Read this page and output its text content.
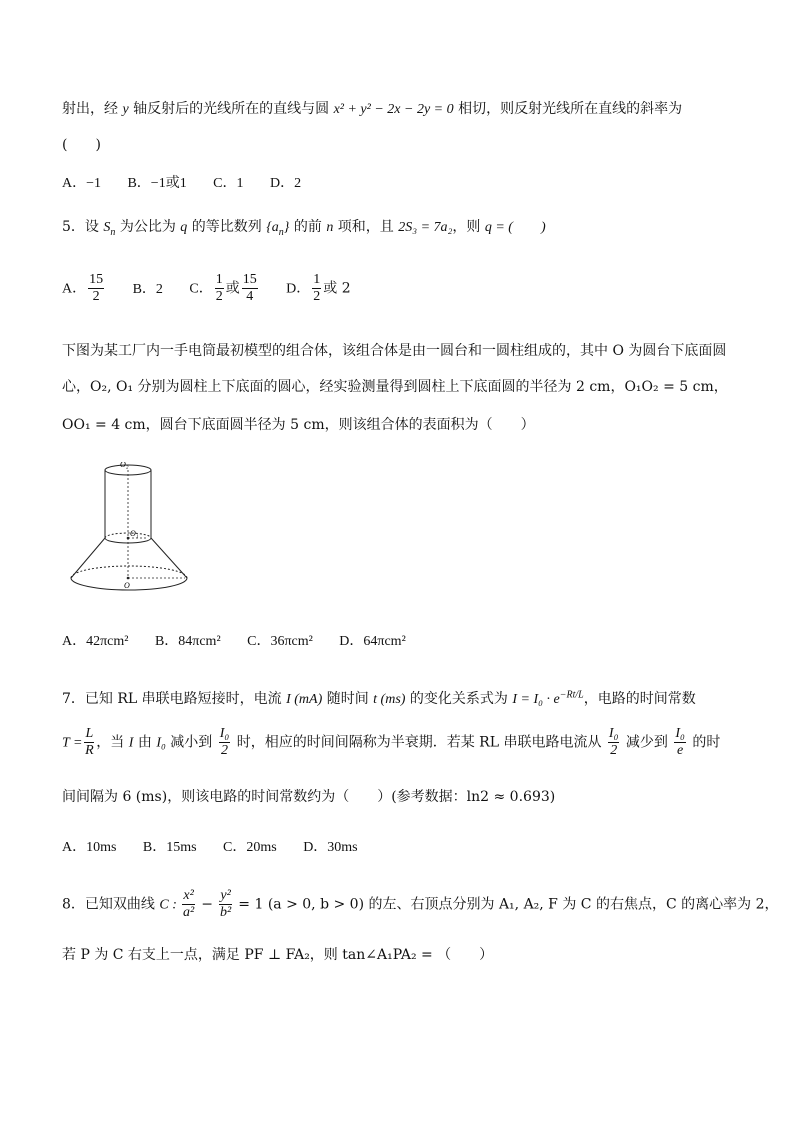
射出，经 y 轴反射后的光线所在的直线与圆 x² + y² − 2x − 2y = 0 相切，则反射光线所在直线的斜率为
(　　)
A．−1 B．−1或1 C．1 D．2
5．设 $S_n$ 为公比为 q 的等比数列 $\{a_n\}$ 的前 n 项和，且 2S₃ = 7a₂，则 q = (　　)
A． $\frac{15}{2}$ B．2 C． $\frac{1}{2}$ 或 $\frac{15}{4}$ D． $\frac{1}{2}$ 或 2
下图为某工厂内一手电筒最初模型的组合体，该组合体是由一圆台和一圆柱组成的，其中 O 为圆台下底面圆
心，O₂, O₁ 分别为圆柱上下底面的圆心，经实验测量得到圆柱上下底面圆的半径为 2 cm，O₁O₂ = 5 cm，
OO₁ = 4 cm，圆台下底面圆半径为 5 cm，则该组合体的表面积为（　　）
O₂
O₁
O
A．42πcm² B．84πcm² C．36πcm² D．64πcm²
7．已知 RL 串联电路短接时，电流 I (mA) 随时间 t (ms) 的变化关系式为 $I = I_0 \cdot e^{-Rt/L}$，电路的时间常数
$T = \frac{L}{R}$ ，当 I 由 I₀ 减小到 $\frac{\text{I₀}}{2}$ 时，相应的时间间隔称为半衰期．若某 RL 串联电路电流从 $\frac{\text{I₀}}{2}$ 减少到 $\frac{\text{I₀}}{e}$ 的时
间间隔为 6 (ms)，则该电路的时间常数约为（　　）(参考数据：ln2 ≈ 0.693)
A．10ms B．15ms C．20ms D．30ms
8．已知双曲线 C : $\frac{\text{x²}}{\text{a²}} - \frac{\text{y²}}{\text{b²}} = 1$ (a > 0, b > 0) 的左、右顶点分别为 A₁, A₂, F 为 C 的右焦点，C 的离心率为 2，
若 P 为 C 右支上一点，满足 PF ⊥ FA₂，则 tan∠A₁PA₂ = （　　）
